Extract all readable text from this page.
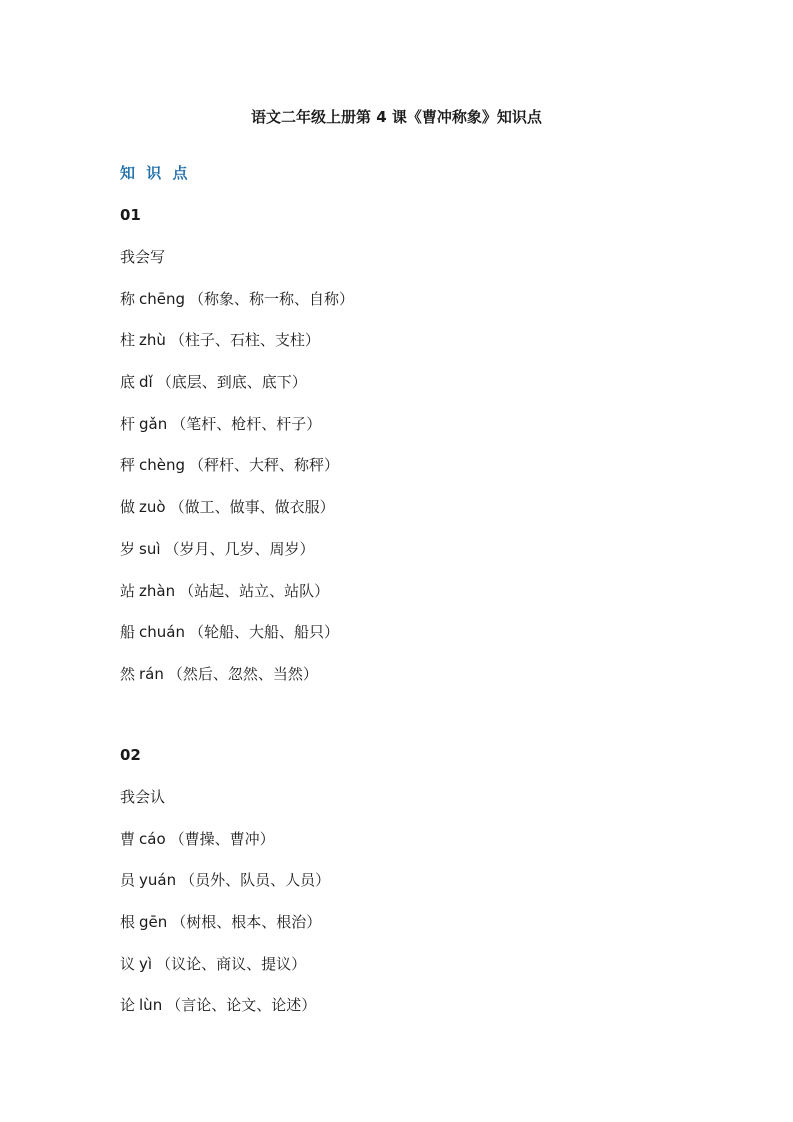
语文二年级上册第 4 课《曹冲称象》知识点
知 识 点
01
我会写
称 chēng （称象、称一称、自称）
柱 zhù （柱子、石柱、支柱）
底 dǐ （底层、到底、底下）
杆 gǎn （笔杆、枪杆、杆子）
秤 chèng （秤杆、大秤、称秤）
做 zuò （做工、做事、做衣服）
岁 suì （岁月、几岁、周岁）
站 zhàn （站起、站立、站队）
船 chuán （轮船、大船、船只）
然 rán （然后、忽然、当然）
02
我会认
曹 cáo （曹操、曹冲）
员 yuán （员外、队员、人员）
根 gēn （树根、根本、根治）
议 yì （议论、商议、提议）
论 lùn （言论、论文、论述）
